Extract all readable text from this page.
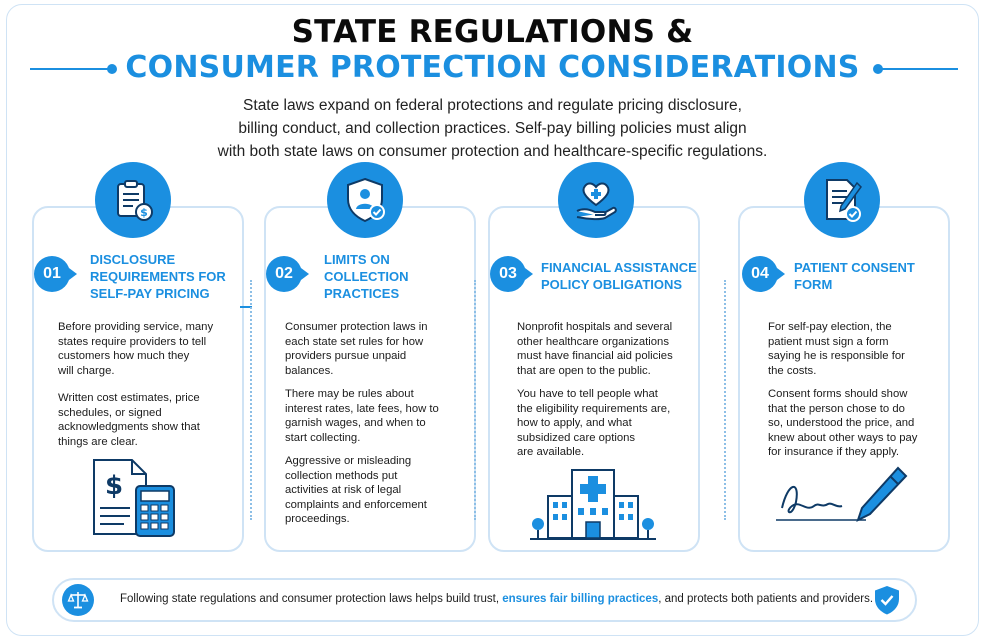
STATE REGULATIONS &
CONSUMER PROTECTION CONSIDERATIONS
State laws expand on federal protections and regulate pricing disclosure,
billing conduct, and collection practices. Self-pay billing policies must align
with both state laws on consumer protection and healthcare-specific regulations.
$
01
DISCLOSURE
REQUIREMENTS FOR
SELF-PAY PRICING
Before providing service, many
states require providers to tell
customers how much they
will charge.
Written cost estimates, price
schedules, or signed
acknowledgments show that
things are clear.
$
02
LIMITS ON
COLLECTION
PRACTICES
Consumer protection laws in
each state set rules for how
providers pursue unpaid
balances.
There may be rules about
interest rates, late fees, how to
garnish wages, and when to
start collecting.
Aggressive or misleading
collection methods put
activities at risk of legal
complaints and enforcement
proceedings.
03	FINANCIAL ASSISTANCE
POLICY OBLIGATIONS
Nonprofit hospitals and several
other healthcare organizations
must have financial aid policies
that are open to the public.
You have to tell people what
the eligibility requirements are,
how to apply, and what
subsidized care options
are available.
04	PATIENT CONSENT
FORM
For self-pay election, the
patient must sign a form
saying he is responsible for
the costs.
Consent forms should show
that the person chose to do
so, understood the price, and
knew about other ways to pay
for insurance if they apply.
Following state regulations and consumer protection laws helps build trust, ensures fair billing practices, and protects both patients and providers.
